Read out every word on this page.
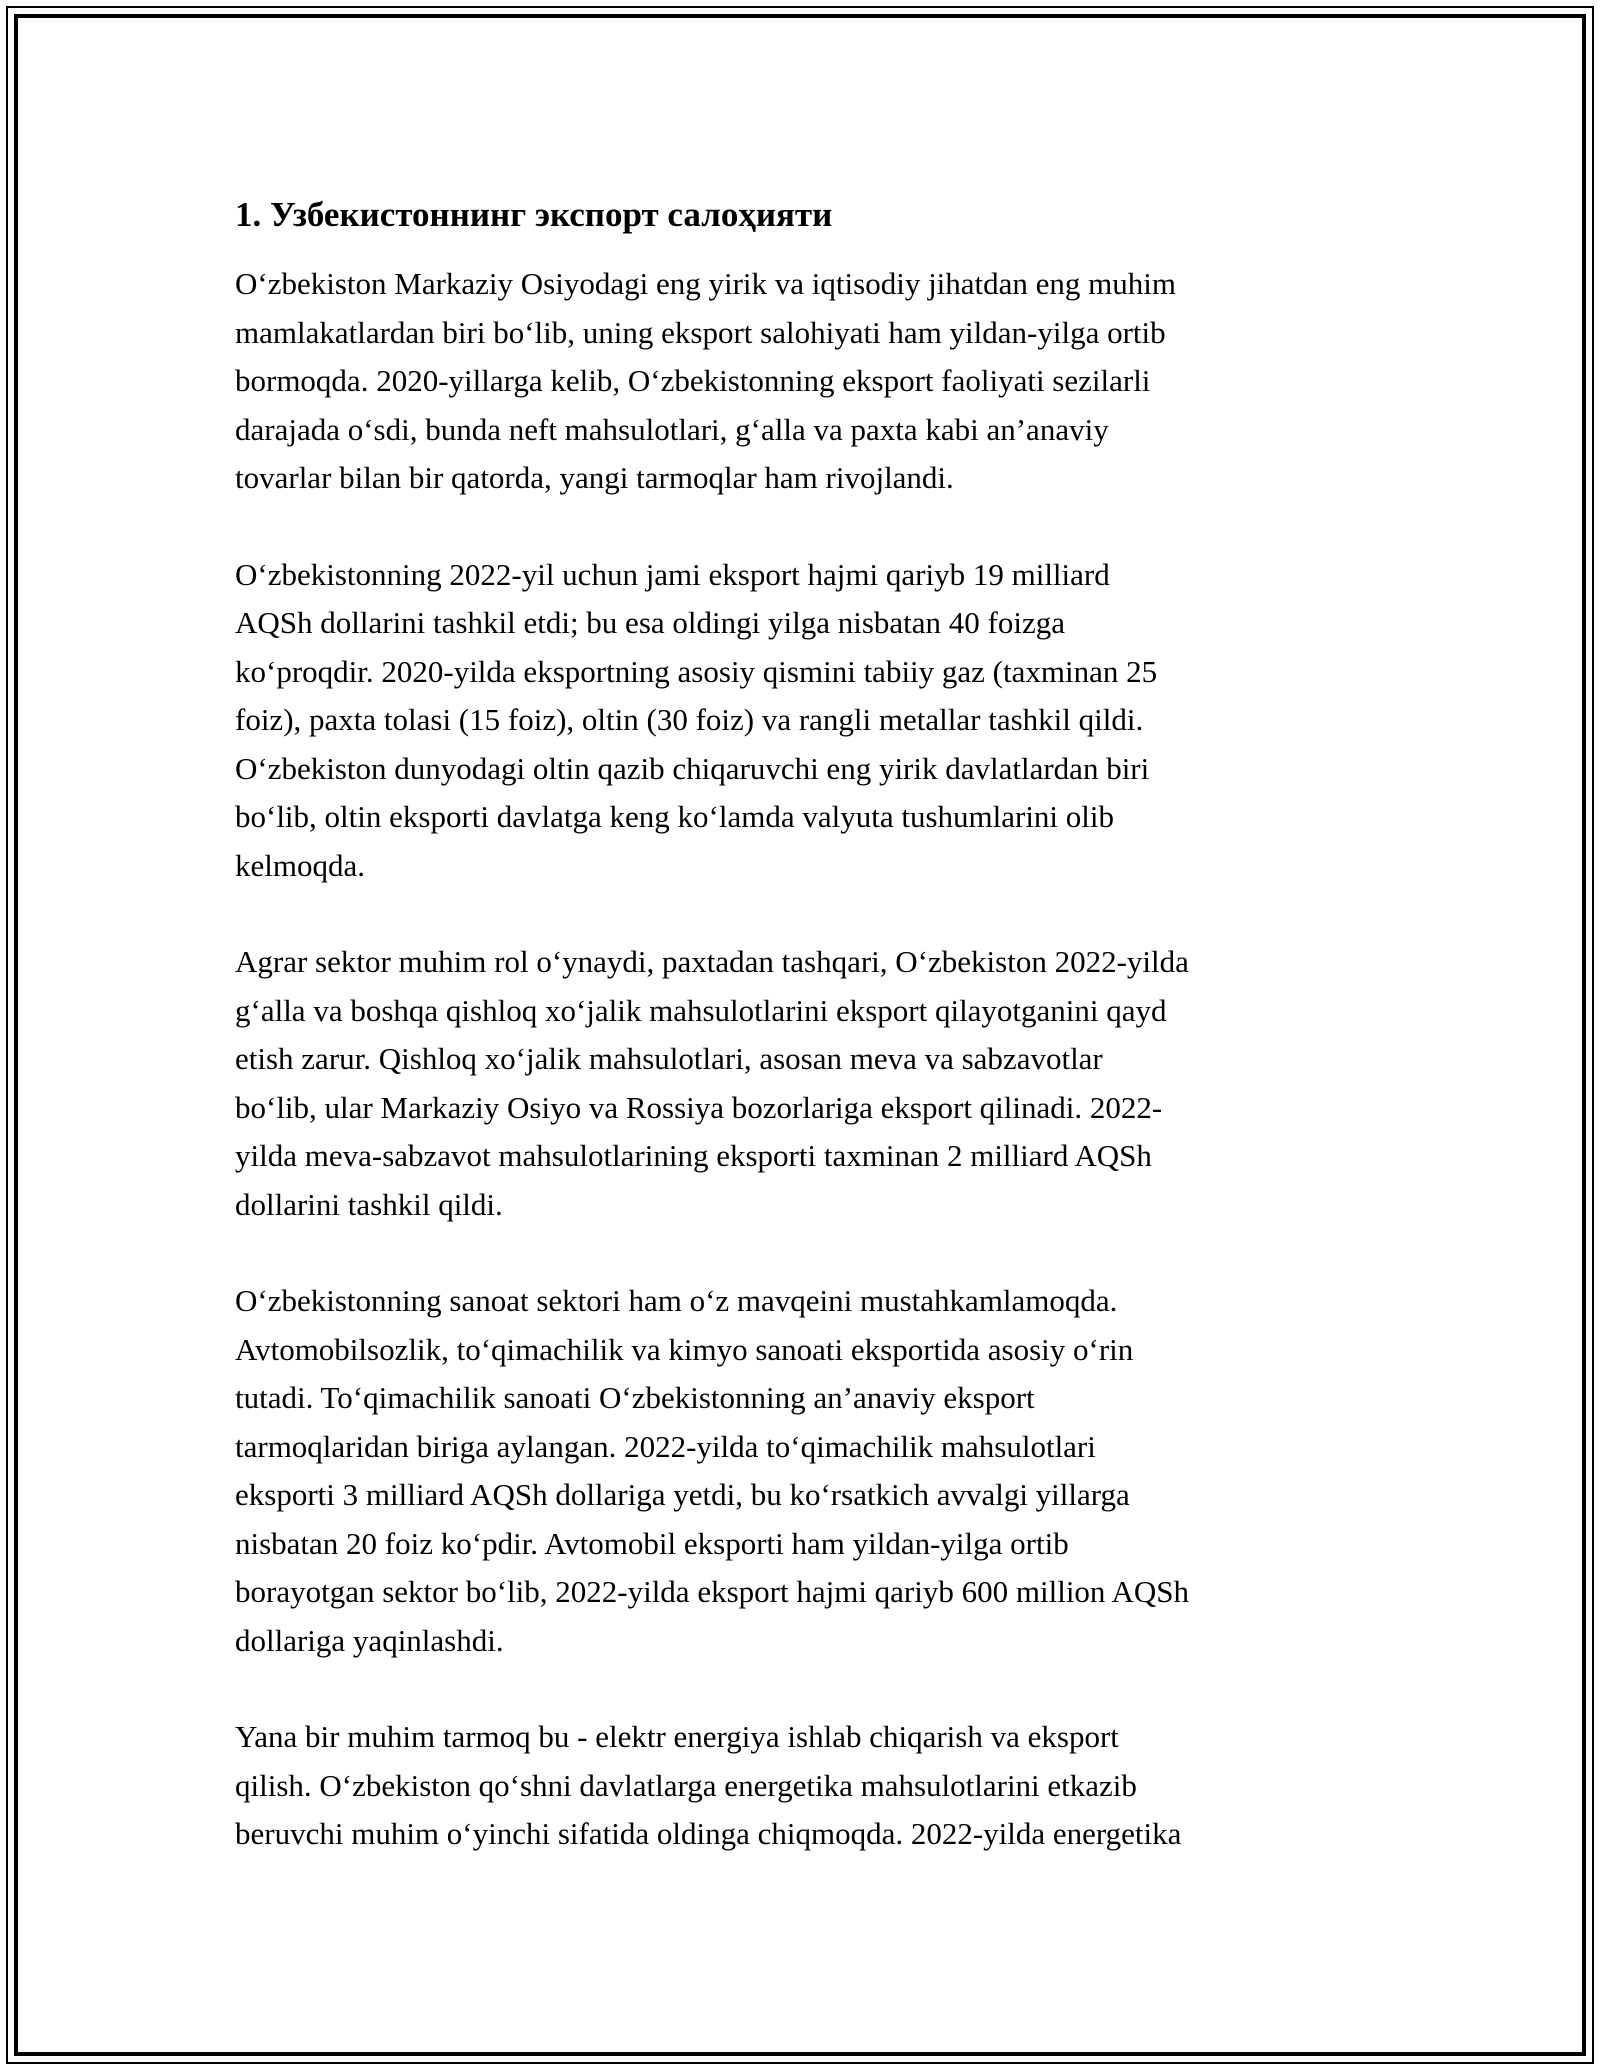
1. Узбекистоннинг экспорт салоҳияти

O‘zbekiston Markaziy Osiyodagi eng yirik va iqtisodiy jihatdan eng muhim
mamlakatlardan biri bo‘lib, uning eksport salohiyati ham yildan-yilga ortib
bormoqda. 2020-yillarga kelib, O‘zbekistonning eksport faoliyati sezilarli
darajada o‘sdi, bunda neft mahsulotlari, g‘alla va paxta kabi an’anaviy
tovarlar bilan bir qatorda, yangi tarmoqlar ham rivojlandi.

O‘zbekistonning 2022-yil uchun jami eksport hajmi qariyb 19 milliard
AQSh dollarini tashkil etdi; bu esa oldingi yilga nisbatan 40 foizga
ko‘proqdir. 2020-yilda eksportning asosiy qismini tabiiy gaz (taxminan 25
foiz), paxta tolasi (15 foiz), oltin (30 foiz) va rangli metallar tashkil qildi.
O‘zbekiston dunyodagi oltin qazib chiqaruvchi eng yirik davlatlardan biri
bo‘lib, oltin eksporti davlatga keng ko‘lamda valyuta tushumlarini olib
kelmoqda.

Agrar sektor muhim rol o‘ynaydi, paxtadan tashqari, O‘zbekiston 2022-yilda
g‘alla va boshqa qishloq xo‘jalik mahsulotlarini eksport qilayotganini qayd
etish zarur. Qishloq xo‘jalik mahsulotlari, asosan meva va sabzavotlar
bo‘lib, ular Markaziy Osiyo va Rossiya bozorlariga eksport qilinadi. 2022-
yilda meva-sabzavot mahsulotlarining eksporti taxminan 2 milliard AQSh
dollarini tashkil qildi.

O‘zbekistonning sanoat sektori ham o‘z mavqeini mustahkamlamoqda.
Avtomobilsozlik, to‘qimachilik va kimyo sanoati eksportida asosiy o‘rin
tutadi. To‘qimachilik sanoati O‘zbekistonning an’anaviy eksport
tarmoqlaridan biriga aylangan. 2022-yilda to‘qimachilik mahsulotlari
eksporti 3 milliard AQSh dollariga yetdi, bu ko‘rsatkich avvalgi yillarga
nisbatan 20 foiz ko‘pdir. Avtomobil eksporti ham yildan-yilga ortib
borayotgan sektor bo‘lib, 2022-yilda eksport hajmi qariyb 600 million AQSh
dollariga yaqinlashdi.

Yana bir muhim tarmoq bu - elektr energiya ishlab chiqarish va eksport
qilish. O‘zbekiston qo‘shni davlatlarga energetika mahsulotlarini etkazib
beruvchi muhim o‘yinchi sifatida oldinga chiqmoqda. 2022-yilda energetika
